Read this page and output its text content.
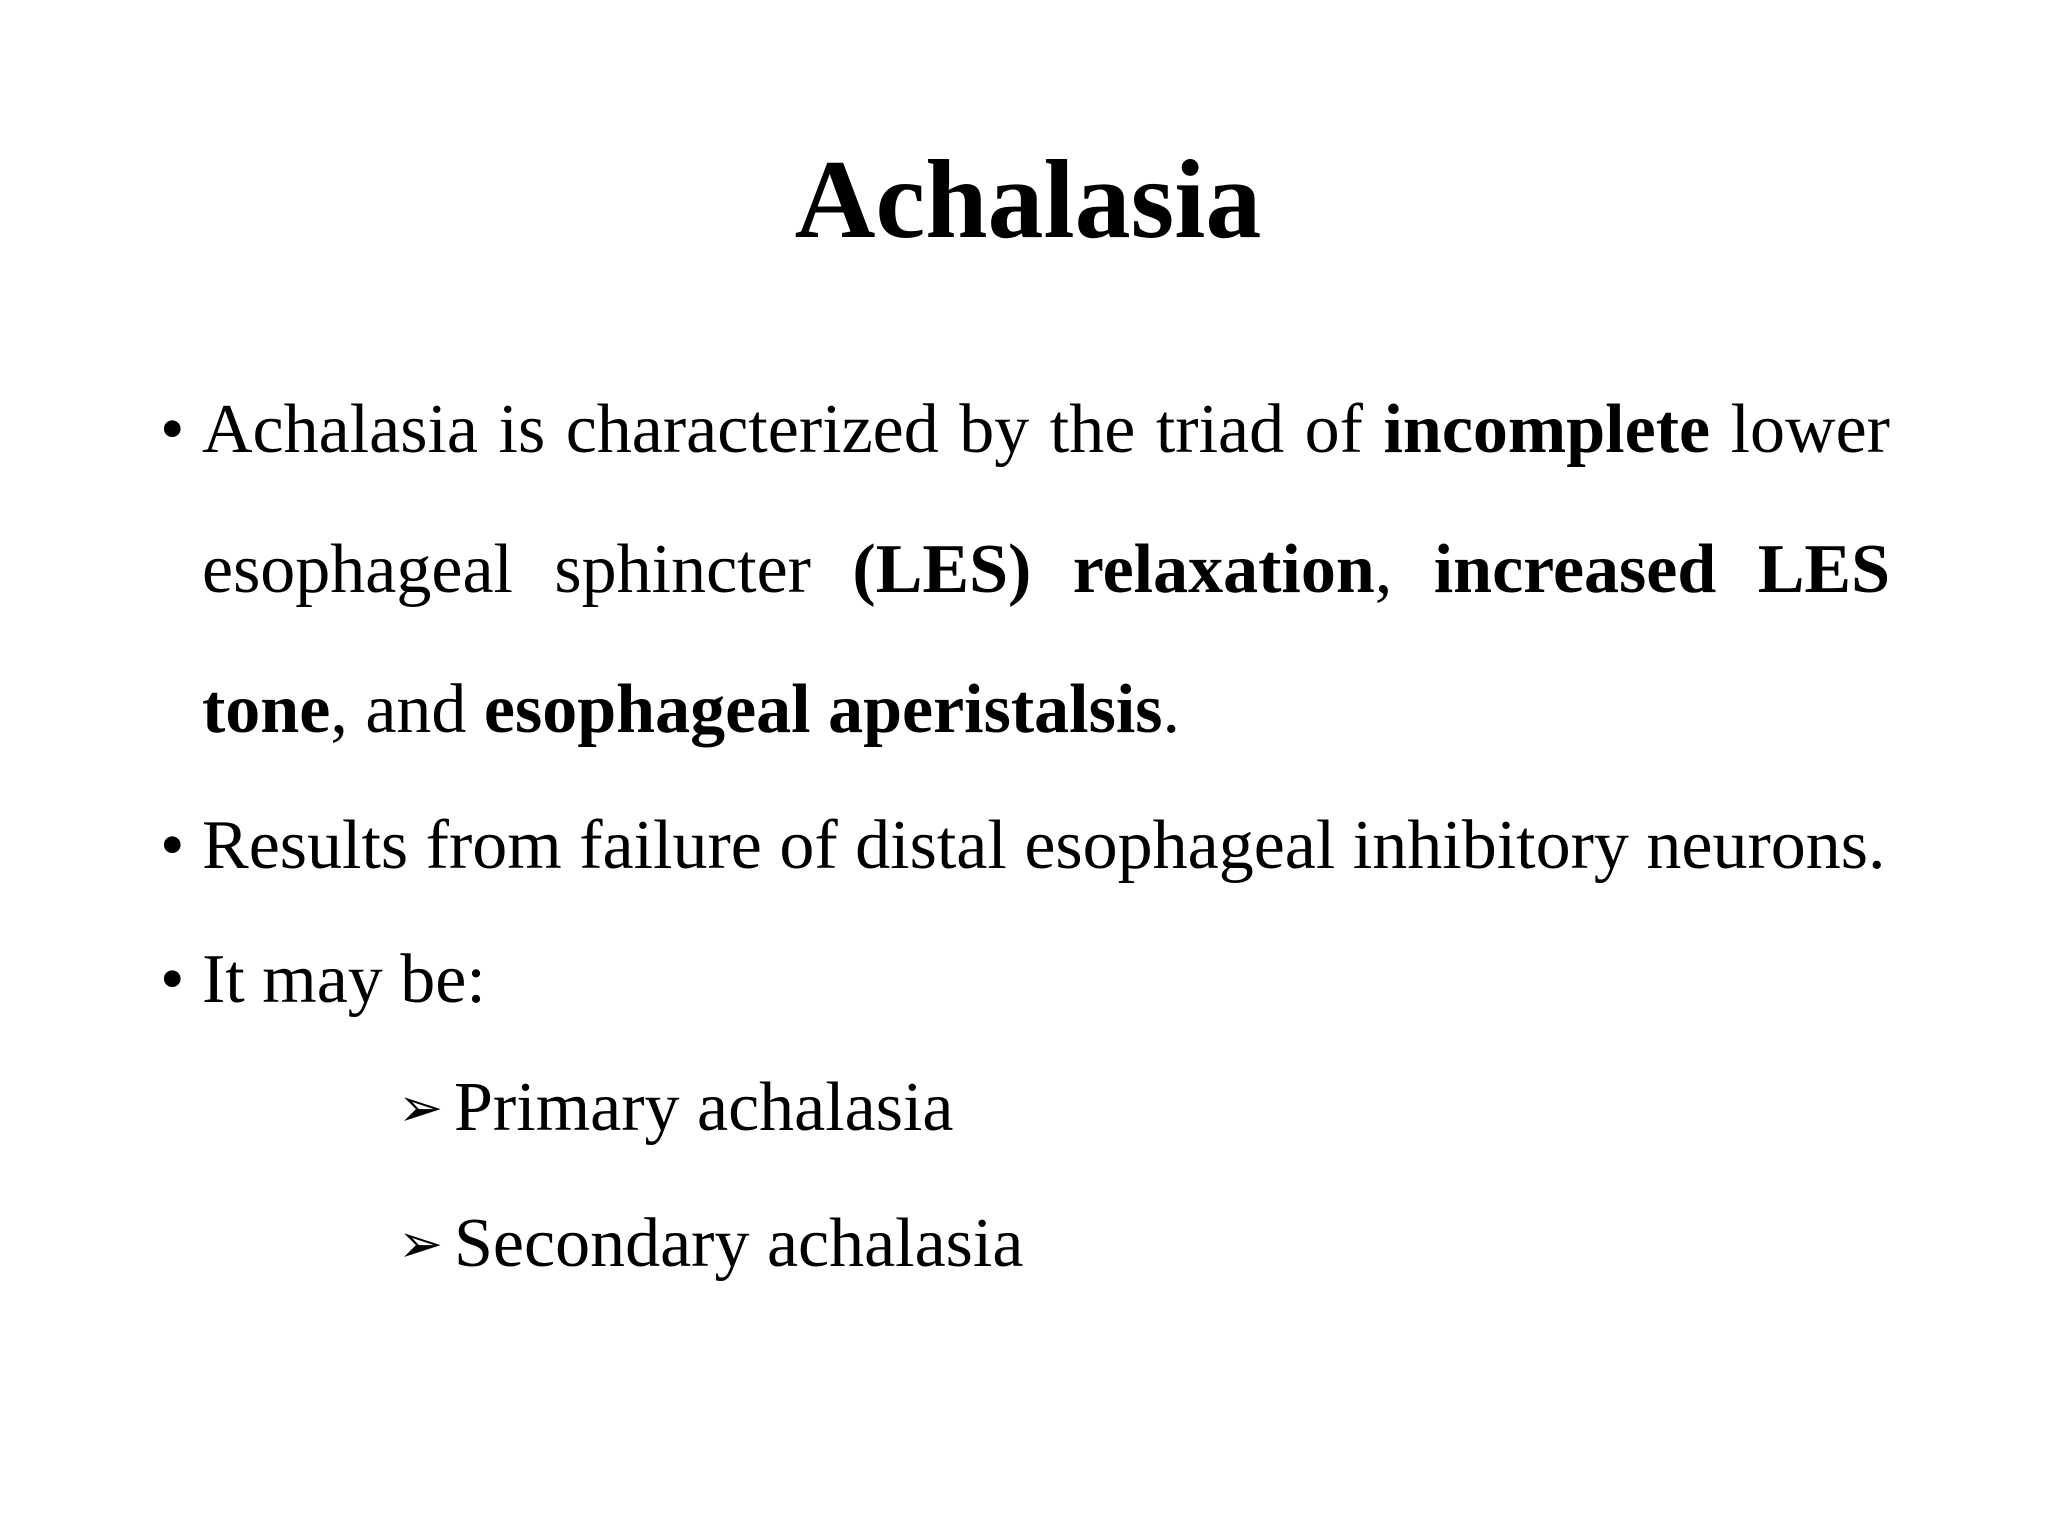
Achalasia
• Achalasia is characterized by the triad of incomplete lower esophageal sphincter (LES) relaxation, increased LES tone, and esophageal aperistalsis.
• Results from failure of distal esophageal inhibitory neurons.
• It may be:
➢ Primary achalasia
➢ Secondary achalasia
